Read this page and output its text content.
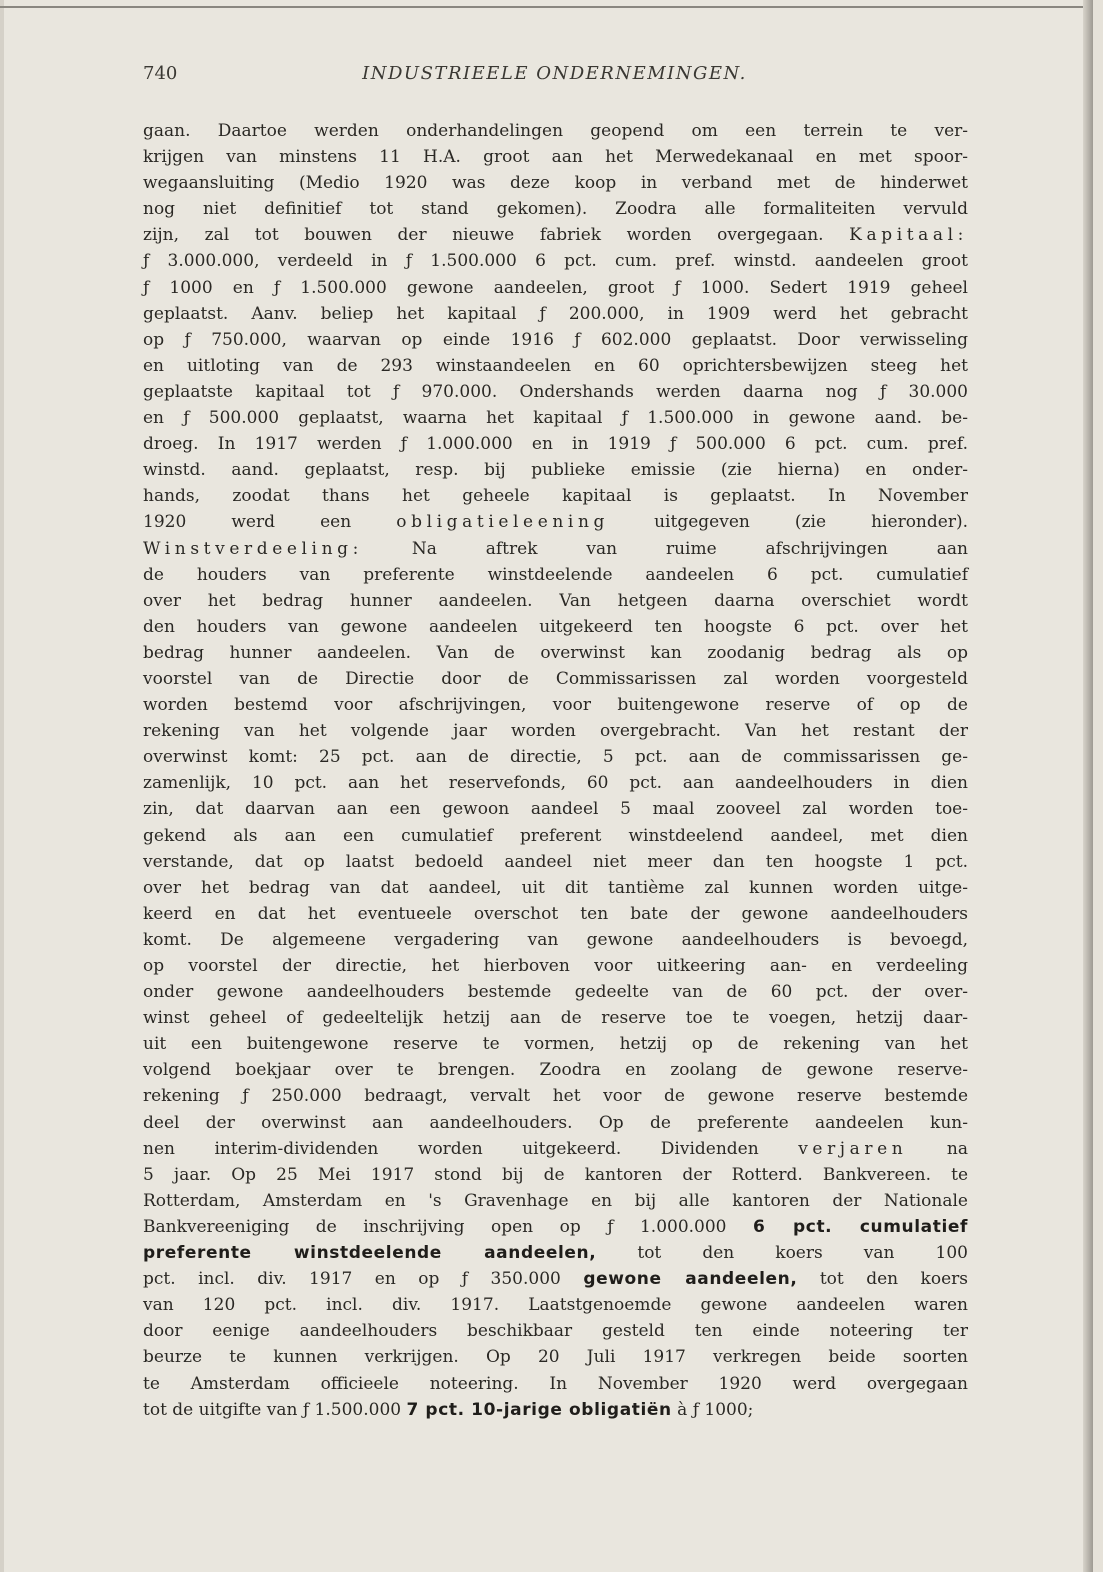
740	INDUSTRIEELE ONDERNEMINGEN.
gaan. Daartoe werden onderhandelingen geopend om een terrein te ver-
krijgen van minstens 11 H.A. groot aan het Merwedekanaal en met spoor-
wegaansluiting (Medio 1920 was deze koop in verband met de hinderwet
nog niet definitief tot stand gekomen). Zoodra alle formaliteiten vervuld
zijn, zal tot bouwen der nieuwe fabriek worden overgegaan. Kapitaal:
ƒ 3.000.000, verdeeld in ƒ 1.500.000 6 pct. cum. pref. winstd. aandeelen groot
ƒ 1000 en ƒ 1.500.000 gewone aandeelen, groot ƒ 1000. Sedert 1919 geheel
geplaatst. Aanv. beliep het kapitaal ƒ 200.000, in 1909 werd het gebracht
op ƒ 750.000, waarvan op einde 1916 ƒ 602.000 geplaatst. Door verwisseling
en uitloting van de 293 winstaandeelen en 60 oprichtersbewijzen steeg het
geplaatste kapitaal tot ƒ 970.000. Ondershands werden daarna nog ƒ 30.000
en ƒ 500.000 geplaatst, waarna het kapitaal ƒ 1.500.000 in gewone aand. be-
droeg. In 1917 werden ƒ 1.000.000 en in 1919 ƒ 500.000 6 pct. cum. pref.
winstd. aand. geplaatst, resp. bij publieke emissie (zie hierna) en onder-
hands, zoodat thans het geheele kapitaal is geplaatst. In November
1920 werd een obligatieleening uitgegeven (zie hieronder).
Winstverdeeling: Na aftrek van ruime afschrijvingen aan
de houders van preferente winstdeelende aandeelen 6 pct. cumulatief
over het bedrag hunner aandeelen. Van hetgeen daarna overschiet wordt
den houders van gewone aandeelen uitgekeerd ten hoogste 6 pct. over het
bedrag hunner aandeelen. Van de overwinst kan zoodanig bedrag als op
voorstel van de Directie door de Commissarissen zal worden voorgesteld
worden bestemd voor afschrijvingen, voor buitengewone reserve of op de
rekening van het volgende jaar worden overgebracht. Van het restant der
overwinst komt: 25 pct. aan de directie, 5 pct. aan de commissarissen ge-
zamenlijk, 10 pct. aan het reservefonds, 60 pct. aan aandeelhouders in dien
zin, dat daarvan aan een gewoon aandeel 5 maal zooveel zal worden toe-
gekend als aan een cumulatief preferent winstdeelend aandeel, met dien
verstande, dat op laatst bedoeld aandeel niet meer dan ten hoogste 1 pct.
over het bedrag van dat aandeel, uit dit tantième zal kunnen worden uitge-
keerd en dat het eventueele overschot ten bate der gewone aandeelhouders
komt. De algemeene vergadering van gewone aandeelhouders is bevoegd,
op voorstel der directie, het hierboven voor uitkeering aan- en verdeeling
onder gewone aandeelhouders bestemde gedeelte van de 60 pct. der over-
winst geheel of gedeeltelijk hetzij aan de reserve toe te voegen, hetzij daar-
uit een buitengewone reserve te vormen, hetzij op de rekening van het
volgend boekjaar over te brengen. Zoodra en zoolang de gewone reserve-
rekening ƒ 250.000 bedraagt, vervalt het voor de gewone reserve bestemde
deel der overwinst aan aandeelhouders. Op de preferente aandeelen kun-
nen interim-dividenden worden uitgekeerd. Dividenden verjaren na
5 jaar. Op 25 Mei 1917 stond bij de kantoren der Rotterd. Bankvereen. te
Rotterdam, Amsterdam en 's Gravenhage en bij alle kantoren der Nationale
Bankvereeniging de inschrijving open op ƒ 1.000.000 6 pct. cumulatief
preferente winstdeelende aandeelen, tot den koers van 100
pct. incl. div. 1917 en op ƒ 350.000 gewone aandeelen, tot den koers
van 120 pct. incl. div. 1917. Laatstgenoemde gewone aandeelen waren
door eenige aandeelhouders beschikbaar gesteld ten einde noteering ter
beurze te kunnen verkrijgen. Op 20 Juli 1917 verkregen beide soorten
te Amsterdam officieele noteering. In November 1920 werd overgegaan
tot de uitgifte van ƒ 1.500.000 7 pct. 10-jarige obligatiën à ƒ 1000;
